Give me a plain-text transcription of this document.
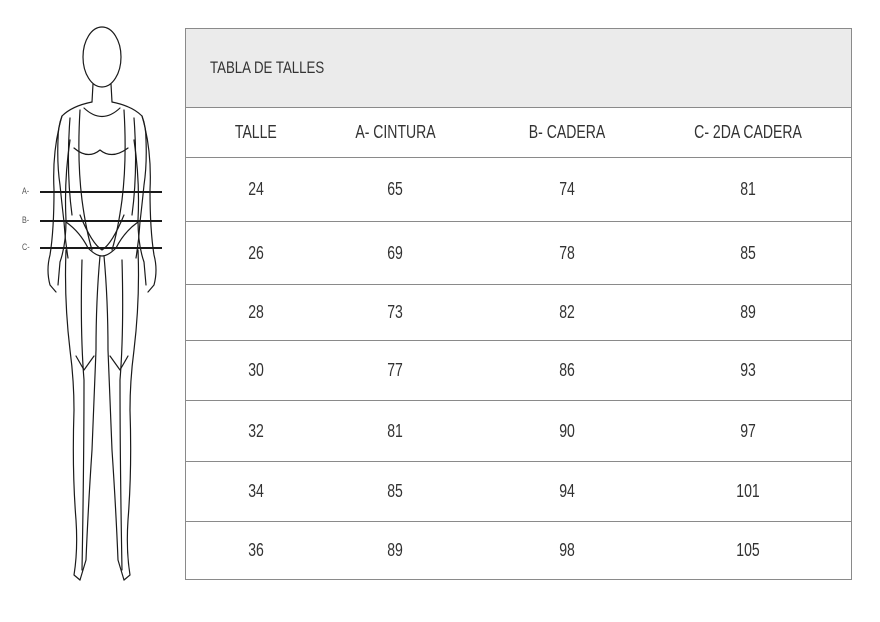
A-
B-
C-
TABLA DE TALLES
TALLE	A- CINTURA	B- CADERA	C- 2DA CADERA
24	65	74	81
26	69	78	85
28	73	82	89
30	77	86	93
32	81	90	97
34	85	94	101
36	89	98	105
